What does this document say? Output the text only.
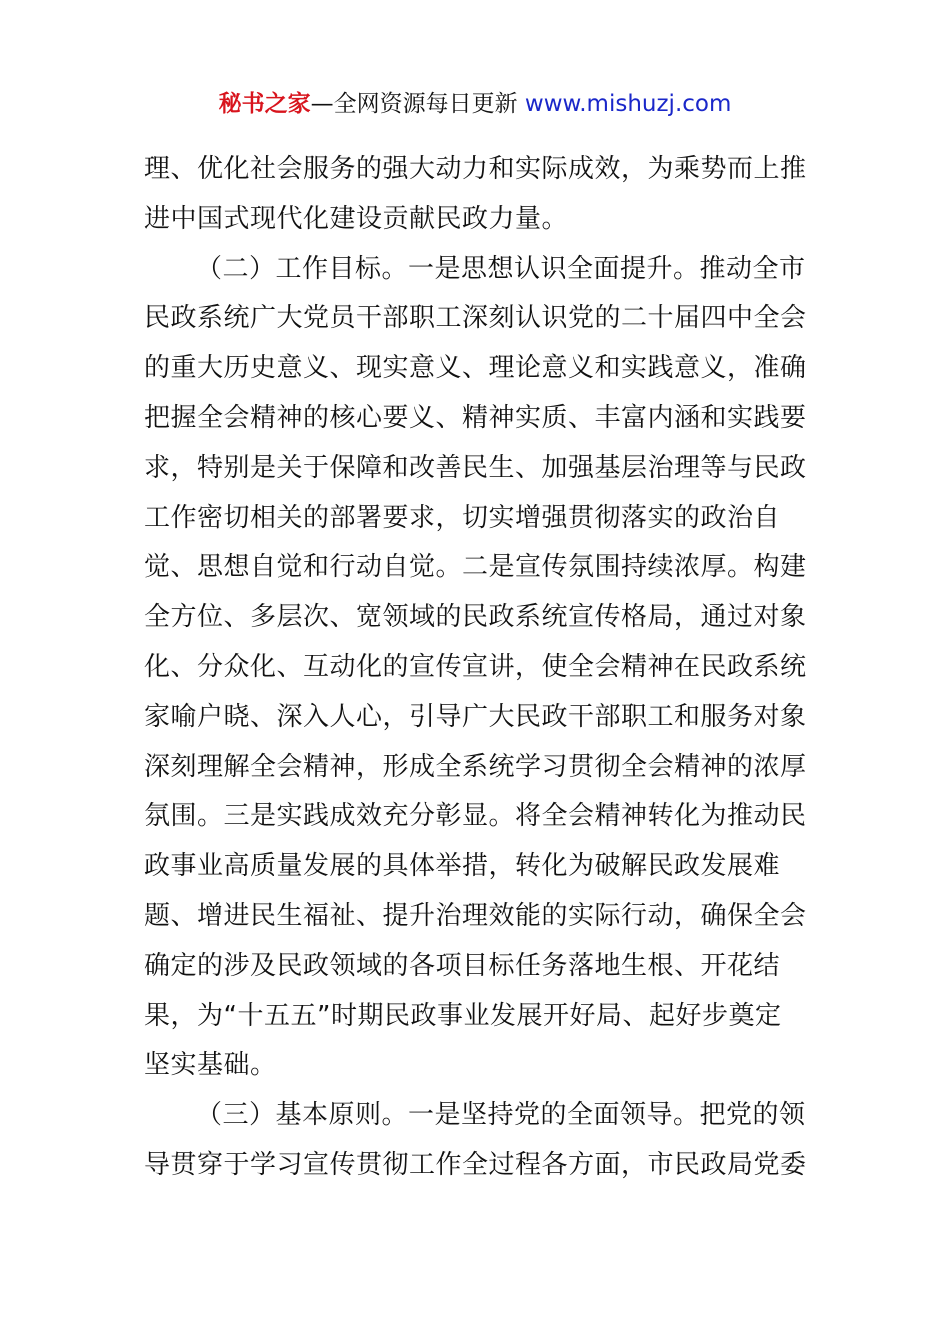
秘书之家—全网资源每日更新 www.mishuzj.com
理、优化社会服务的强大动力和实际成效，为乘势而上推
进中国式现代化建设贡献民政力量。
（二）工作目标。一是思想认识全面提升。推动全市
民政系统广大党员干部职工深刻认识党的二十届四中全会
的重大历史意义、现实意义、理论意义和实践意义，准确
把握全会精神的核心要义、精神实质、丰富内涵和实践要
求，特别是关于保障和改善民生、加强基层治理等与民政
工作密切相关的部署要求，切实增强贯彻落实的政治自
觉、思想自觉和行动自觉。二是宣传氛围持续浓厚。构建
全方位、多层次、宽领域的民政系统宣传格局，通过对象
化、分众化、互动化的宣传宣讲，使全会精神在民政系统
家喻户晓、深入人心，引导广大民政干部职工和服务对象
深刻理解全会精神，形成全系统学习贯彻全会精神的浓厚
氛围。三是实践成效充分彰显。将全会精神转化为推动民
政事业高质量发展的具体举措，转化为破解民政发展难
题、增进民生福祉、提升治理效能的实际行动，确保全会
确定的涉及民政领域的各项目标任务落地生根、开花结
果，为“十五五”时期民政事业发展开好局、起好步奠定
坚实基础。
（三）基本原则。一是坚持党的全面领导。把党的领
导贯穿于学习宣传贯彻工作全过程各方面，市民政局党委
